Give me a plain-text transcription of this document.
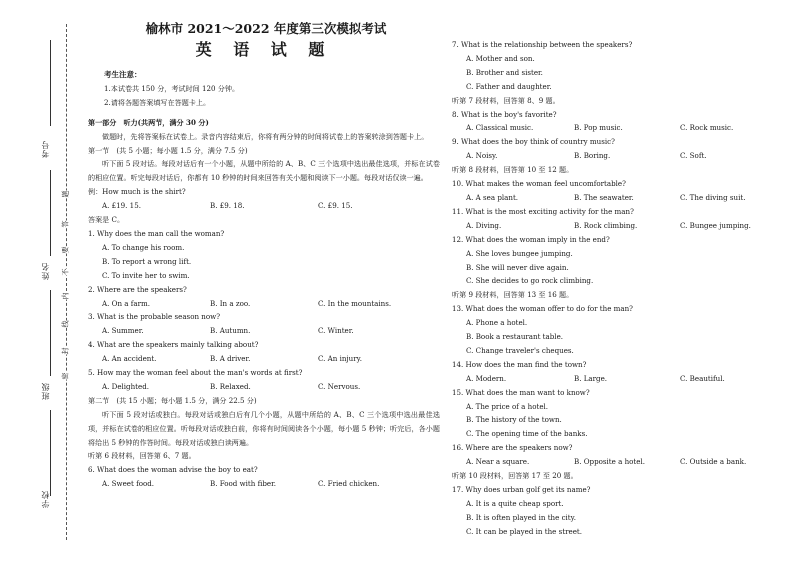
考号
姓名
班级
学校
题
答
要
不
内
线
封
密
榆林市 2021～2022 年度第三次模拟考试
英 语 试 题
考生注意：
1.本试卷共 150 分，考试时间 120 分钟。
2.请将各题答案填写在答题卡上。
第一部分　听力(共两节，满分 30 分)
做题时，先将答案标在试卷上。录音内容结束后，你将有两分钟的时间将试卷上的答案转涂到答题卡上。
第一节　(共 5 小题；每小题 1.5 分，满分 7.5 分)
听下面 5 段对话。每段对话后有一个小题，从题中所给的 A、B、C 三个选项中选出最佳选项，并标在试卷的相应位置。听完每段对话后，你都有 10 秒钟的时间来回答有关小题和阅读下一小题。每段对话仅读一遍。
例：How much is the shirt?
A. £19. 15.	B. £9. 18.	C. £9. 15.
答案是 C。
1. Why does the man call the woman?
A. To change his room.
B. To report a wrong lift.
C. To invite her to swim.
2. Where are the speakers?
A. On a farm.	B. In a zoo.	C. In the mountains.
3. What is the probable season now?
A. Summer.	B. Autumn.	C. Winter.
4. What are the speakers mainly talking about?
A. An accident.	B. A driver.	C. An injury.
5. How may the woman feel about the man's words at first?
A. Delighted.	B. Relaxed.	C. Nervous.
第二节　(共 15 小题；每小题 1.5 分，满分 22.5 分)
听下面 5 段对话或独白。每段对话或独白后有几个小题，从题中所给的 A、B、C 三个选项中选出最佳选项，并标在试卷的相应位置。听每段对话或独白前，你将有时间阅读各个小题，每小题 5 秒钟；听完后，各小题将给出 5 秒钟的作答时间。每段对话或独白读两遍。
听第 6 段材料，回答第 6、7 题。
6. What does the woman advise the boy to eat?
A. Sweet food.	B. Food with fiber.	C. Fried chicken.
7. What is the relationship between the speakers?
A. Mother and son.
B. Brother and sister.
C. Father and daughter.
听第 7 段材料，回答第 8、9 题。
8. What is the boy's favorite?
A. Classical music.	B. Pop music.	C. Rock music.
9. What does the boy think of country music?
A. Noisy.	B. Boring.	C. Soft.
听第 8 段材料，回答第 10 至 12 题。
10. What makes the woman feel uncomfortable?
A. A sea plant.	B. The seawater.	C. The diving suit.
11. What is the most exciting activity for the man?
A. Diving.	B. Rock climbing.	C. Bungee jumping.
12. What does the woman imply in the end?
A. She loves bungee jumping.
B. She will never dive again.
C. She decides to go rock climbing.
听第 9 段材料，回答第 13 至 16 题。
13. What does the woman offer to do for the man?
A. Phone a hotel.
B. Book a restaurant table.
C. Change traveler's cheques.
14. How does the man find the town?
A. Modern.	B. Large.	C. Beautiful.
15. What does the man want to know?
A. The price of a hotel.
B. The history of the town.
C. The opening time of the banks.
16. Where are the speakers now?
A. Near a square.	B. Opposite a hotel.	C. Outside a bank.
听第 10 段材料，回答第 17 至 20 题。
17. Why does urban golf get its name?
A. It is a quite cheap sport.
B. It is often played in the city.
C. It can be played in the street.
